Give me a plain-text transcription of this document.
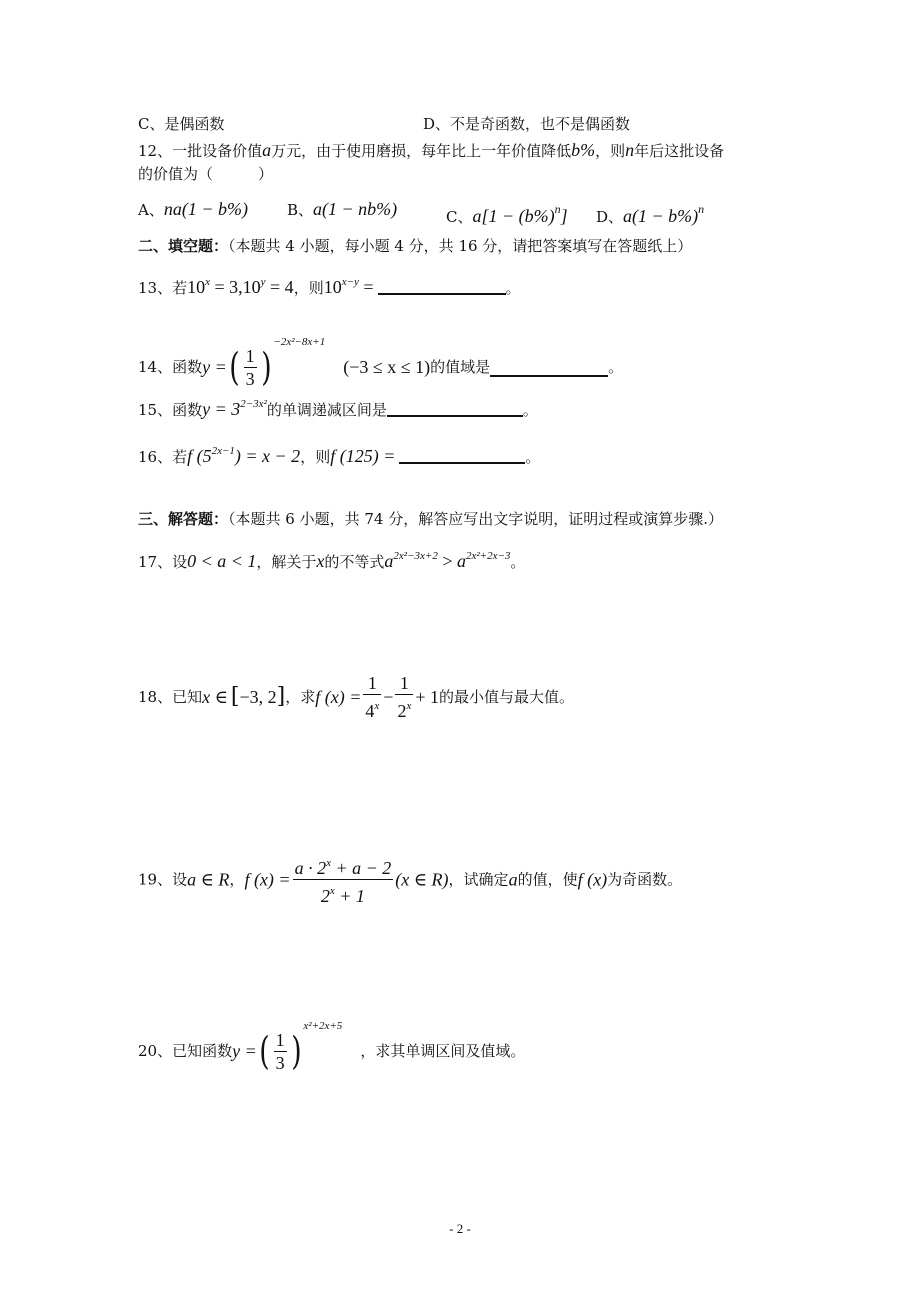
C、是偶函数	D、不是奇函数，也不是偶函数
12、一批设备价值a万元，由于使用磨损，每年比上一年价值降低b%，则n年后这批设备
的价值为（　　　）
A、na(1 − b%)	B、a(1 − nb%)	C、$a[1 - (b\%)^n]$ D、$a(1 - b\%)^n$
二、填空题：（本题共 4 小题，每小题 4 分，共 16 分，请把答案填写在答题纸上）
13、若$10^x = 3,10^y = 4$，则$10^{x-y}$ =	。
14、函数y =( $\frac{1}{3} )^{-2x^2-8x+1}(-3 \le x \le 1)$的值域是	。
15、函数$y = 3^{2-3x^2}$的单调递减区间是	。
16、若f $(5^{2x-1}) = x - 2$，则f (125) =	。
三、解答题：（本题共 6 小题，共 74 分，解答应写出文字说明，证明过程或演算步骤.）
17、设0 < a < 1，解关于x的不等式$a^{2x^2-3x+2} > a^{2x^2+2x-3}$。
18、已知x ∈ [−3, 2]，求f $(x) = \frac{1}{4^x} - \frac{1}{2^x} + 1$的最小值与最大值。
19、设a ∈ R，f $(x) = \frac{a \cdot 2^x + a - 2}{2^x + 1} (x$ ∈ R)，试确定a的值，使f (x)为奇函数。
20、已知函数y =( $\frac{1}{3} )^{x^2+2x+5}$，求其单调区间及值域。
- 2 -
